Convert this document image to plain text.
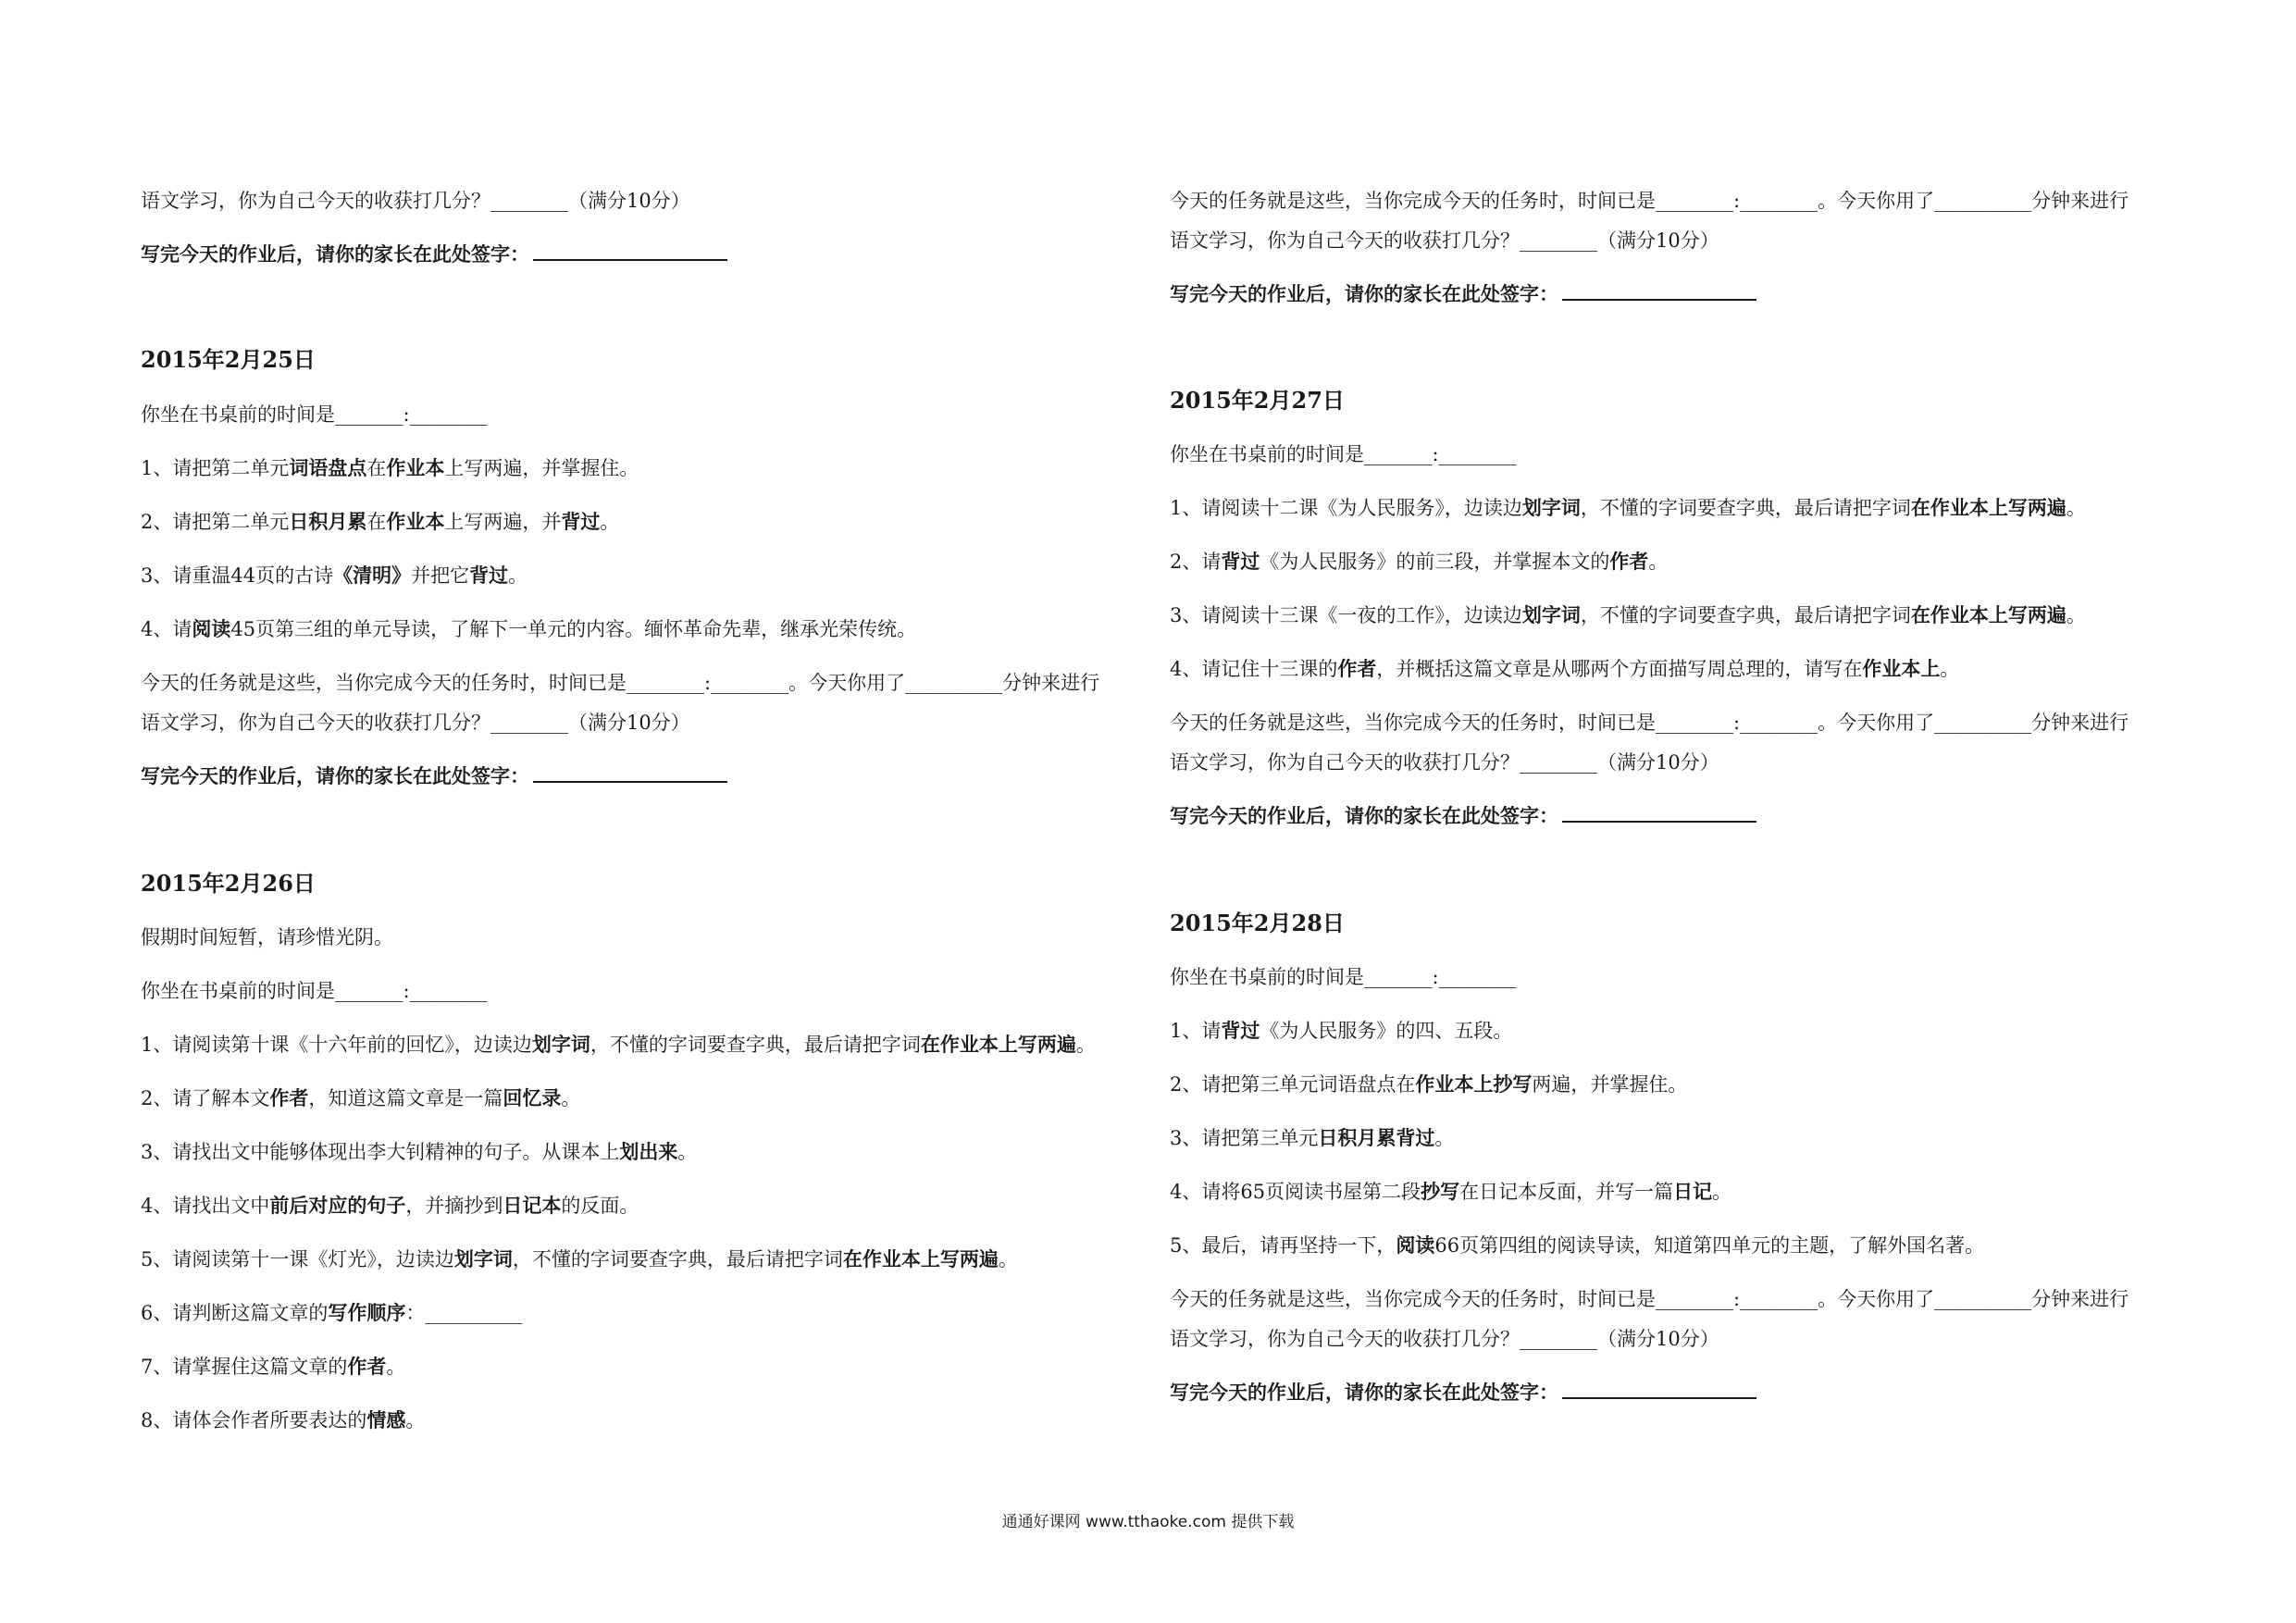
语文学习，你为自己今天的收获打几分？________（满分10分）
写完今天的作业后，请你的家长在此处签字：
2015年2月25日
你坐在书桌前的时间是_______:________
1、请把第二单元词语盘点在作业本上写两遍，并掌握住。
2、请把第二单元日积月累在作业本上写两遍，并背过。
3、请重温44页的古诗《清明》并把它背过。
4、请阅读45页第三组的单元导读，了解下一单元的内容。缅怀革命先辈，继承光荣传统。
今天的任务就是这些，当你完成今天的任务时，时间已是________:________。今天你用了__________分钟来进行
语文学习，你为自己今天的收获打几分？________（满分10分）
写完今天的作业后，请你的家长在此处签字：
2015年2月26日
假期时间短暂，请珍惜光阴。
你坐在书桌前的时间是_______:________
1、请阅读第十课《十六年前的回忆》，边读边划字词，不懂的字词要查字典，最后请把字词在作业本上写两遍。
2、请了解本文作者，知道这篇文章是一篇回忆录。
3、请找出文中能够体现出李大钊精神的句子。从课本上划出来。
4、请找出文中前后对应的句子，并摘抄到日记本的反面。
5、请阅读第十一课《灯光》，边读边划字词，不懂的字词要查字典，最后请把字词在作业本上写两遍。
6、请判断这篇文章的写作顺序：__________
7、请掌握住这篇文章的作者。
8、请体会作者所要表达的情感。
今天的任务就是这些，当你完成今天的任务时，时间已是________:________。今天你用了__________分钟来进行
语文学习，你为自己今天的收获打几分？________（满分10分）
写完今天的作业后，请你的家长在此处签字：
2015年2月27日
你坐在书桌前的时间是_______:________
1、请阅读十二课《为人民服务》，边读边划字词，不懂的字词要查字典，最后请把字词在作业本上写两遍。
2、请背过《为人民服务》的前三段，并掌握本文的作者。
3、请阅读十三课《一夜的工作》，边读边划字词，不懂的字词要查字典，最后请把字词在作业本上写两遍。
4、请记住十三课的作者，并概括这篇文章是从哪两个方面描写周总理的，请写在作业本上。
今天的任务就是这些，当你完成今天的任务时，时间已是________:________。今天你用了__________分钟来进行
语文学习，你为自己今天的收获打几分？________（满分10分）
写完今天的作业后，请你的家长在此处签字：
2015年2月28日
你坐在书桌前的时间是_______:________
1、请背过《为人民服务》的四、五段。
2、请把第三单元词语盘点在作业本上抄写两遍，并掌握住。
3、请把第三单元日积月累背过。
4、请将65页阅读书屋第二段抄写在日记本反面，并写一篇日记。
5、最后，请再坚持一下，阅读66页第四组的阅读导读，知道第四单元的主题，了解外国名著。
今天的任务就是这些，当你完成今天的任务时，时间已是________:________。今天你用了__________分钟来进行
语文学习，你为自己今天的收获打几分？________（满分10分）
写完今天的作业后，请你的家长在此处签字：
通通好课网 www.tthaoke.com 提供下载
